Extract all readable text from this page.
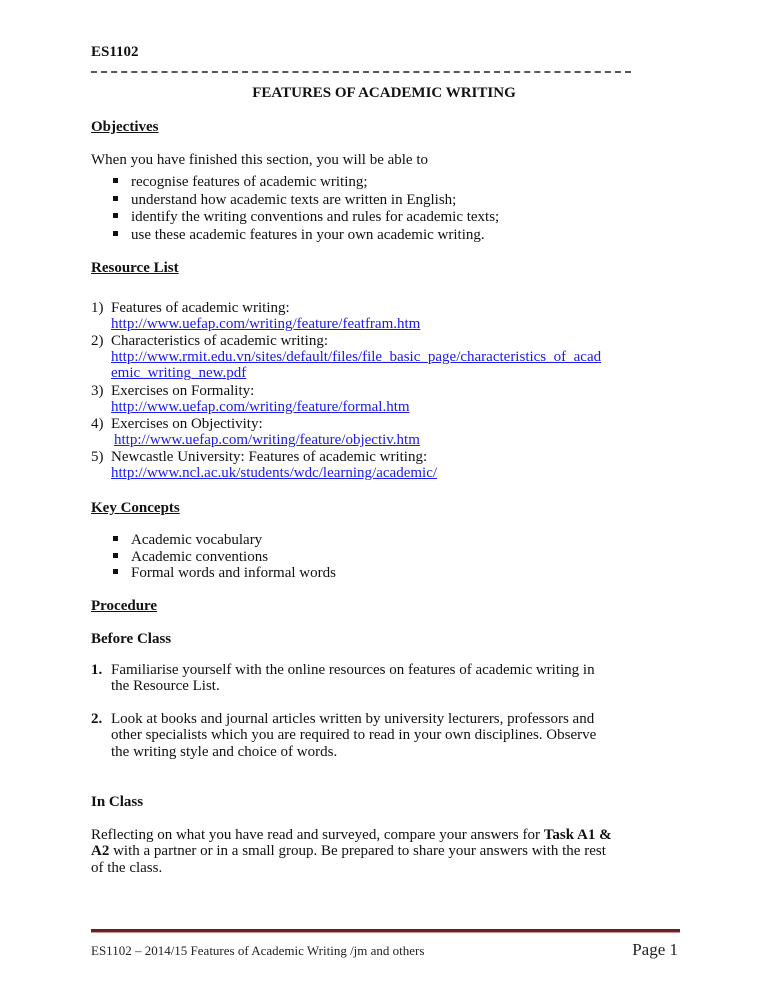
ES1102
FEATURES OF ACADEMIC WRITING
Objectives
When you have finished this section, you will be able to
recognise features of academic writing;
understand how academic texts are written in English;
identify the writing conventions and rules for academic texts;
use these academic features in your own academic writing.
Resource List
1) Features of academic writing:
http://www.uefap.com/writing/feature/featfram.htm
2) Characteristics of academic writing:
http://www.rmit.edu.vn/sites/default/files/file_basic_page/characteristics_of_acad
emic_writing_new.pdf
3) Exercises on Formality:
http://www.uefap.com/writing/feature/formal.htm
4) Exercises on Objectivity:
http://www.uefap.com/writing/feature/objectiv.htm
5) Newcastle University: Features of academic writing:
http://www.ncl.ac.uk/students/wdc/learning/academic/
Key Concepts
Academic vocabulary
Academic conventions
Formal words and informal words
Procedure
Before Class
1. Familiarise yourself with the online resources on features of academic writing in
the Resource List.
2. Look at books and journal articles written by university lecturers, professors and
other specialists which you are required to read in your own disciplines. Observe
the writing style and choice of words.
In Class
Reflecting on what you have read and surveyed, compare your answers for Task A1 &
A2 with a partner or in a small group. Be prepared to share your answers with the rest
of the class.
ES1102 – 2014/15 Features of Academic Writing /jm and others	Page 1
